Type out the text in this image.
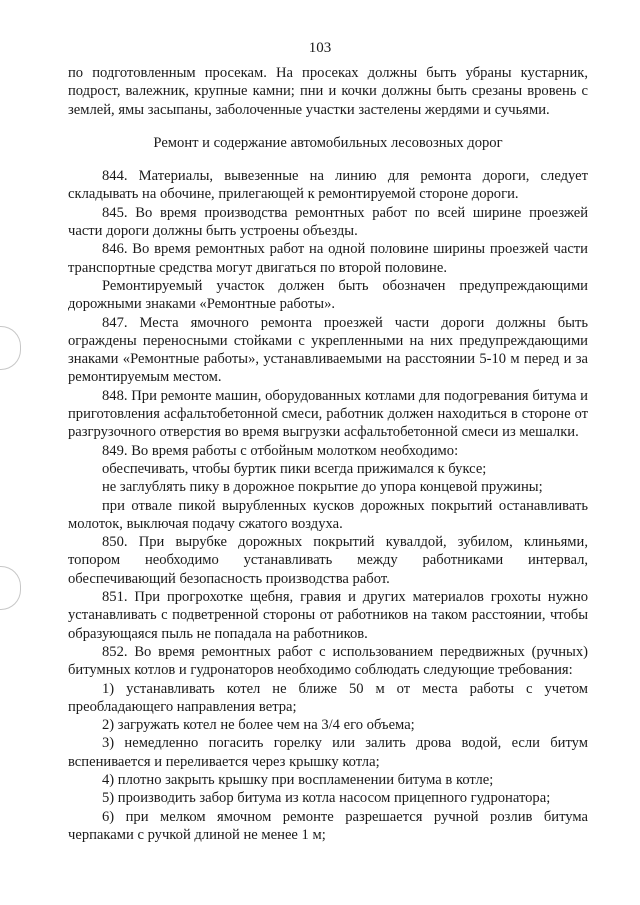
103

по подготовленным просекам. На просеках должны быть убраны кустарник, подрост, валежник, крупные камни; пни и кочки должны быть срезаны вровень с землей, ямы засыпаны, заболоченные участки застелены жердями и сучьями.

Ремонт и содержание автомобильных лесовозных дорог

844. Материалы, вывезенные на линию для ремонта дороги, следует складывать на обочине, прилегающей к ремонтируемой стороне дороги.

845. Во время производства ремонтных работ по всей ширине проезжей части дороги должны быть устроены объезды.

846. Во время ремонтных работ на одной половине ширины проезжей части транспортные средства могут двигаться по второй половине.

Ремонтируемый участок должен быть обозначен предупреждающими дорожными знаками «Ремонтные работы».

847. Места ямочного ремонта проезжей части дороги должны быть ограждены переносными стойками с укрепленными на них предупреждающими знаками «Ремонтные работы», устанавливаемыми на расстоянии 5-10 м перед и за ремонтируемым местом.

848. При ремонте машин, оборудованных котлами для подогревания битума и приготовления асфальтобетонной смеси, работник должен находиться в стороне от разгрузочного отверстия во время выгрузки асфальтобетонной смеси из мешалки.

849. Во время работы с отбойным молотком необходимо:

обеспечивать, чтобы буртик пики всегда прижимался к буксе;

не заглублять пику в дорожное покрытие до упора концевой пружины;

при отвале пикой вырубленных кусков дорожных покрытий останавливать молоток, выключая подачу сжатого воздуха.

850. При вырубке дорожных покрытий кувалдой, зубилом, клиньями, топором необходимо устанавливать между работниками интервал, обеспечивающий безопасность производства работ.

851. При прогрохотке щебня, гравия и других материалов грохоты нужно устанавливать с подветренной стороны от работников на таком расстоянии, чтобы образующаяся пыль не попадала на работников.

852. Во время ремонтных работ с использованием передвижных (ручных) битумных котлов и гудронаторов необходимо соблюдать следующие требования:

1) устанавливать котел не ближе 50 м от места работы с учетом преобладающего направления ветра;

2) загружать котел не более чем на 3/4 его объема;

3) немедленно погасить горелку или залить дрова водой, если битум вспенивается и переливается через крышку котла;

4) плотно закрыть крышку при воспламенении битума в котле;

5) производить забор битума из котла насосом прицепного гудронатора;

6) при мелком ямочном ремонте разрешается ручной розлив битума черпаками с ручкой длиной не менее 1 м;
